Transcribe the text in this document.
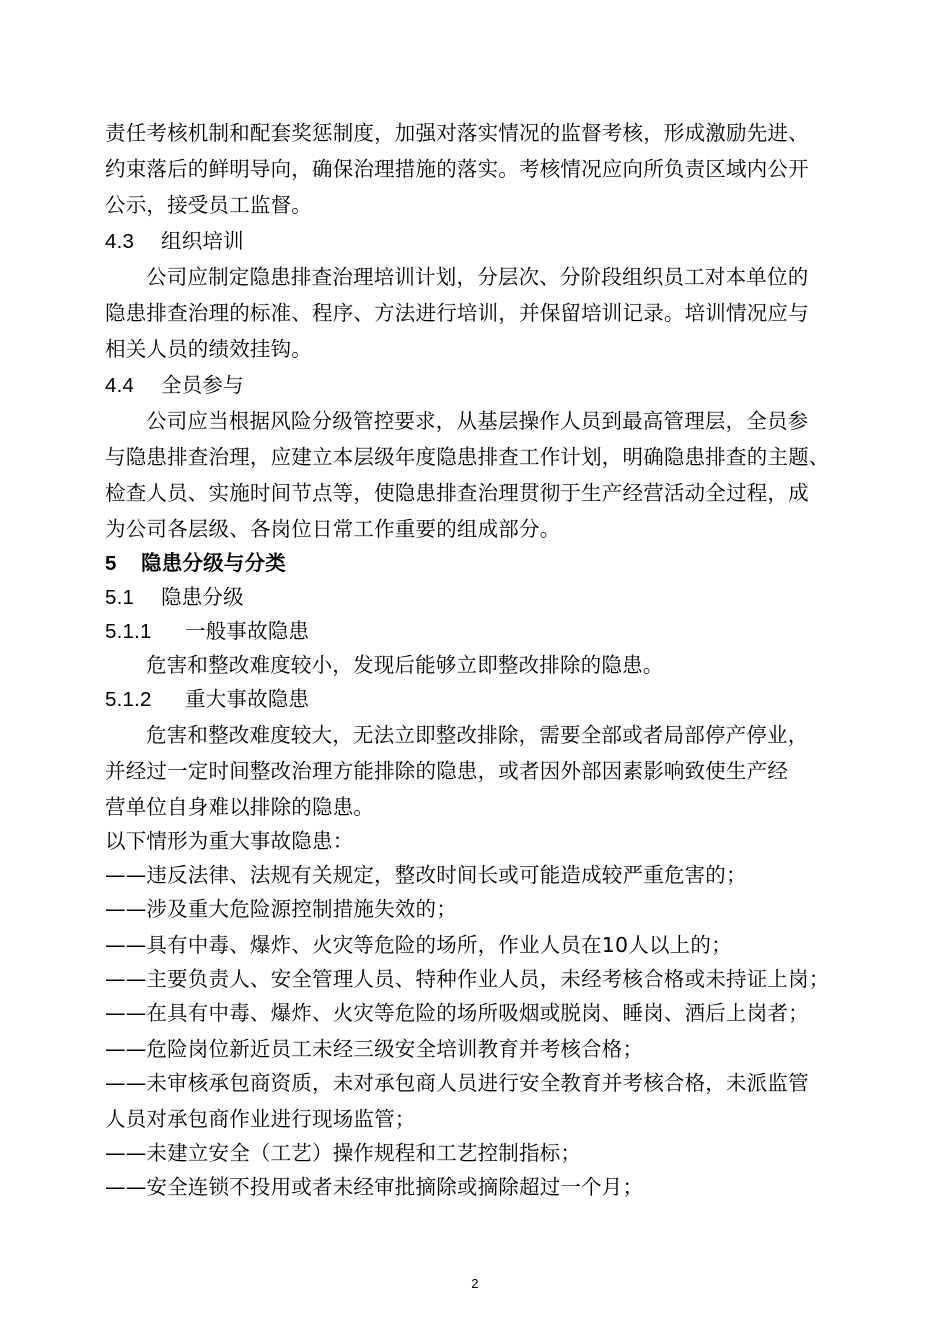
责任考核机制和配套奖惩制度，加强对落实情况的监督考核，形成激励先进、
约束落后的鲜明导向，确保治理措施的落实。考核情况应向所负责区域内公开
公示，接受员工监督。
4.3 组织培训
公司应制定隐患排查治理培训计划，分层次、分阶段组织员工对本单位的
隐患排查治理的标准、程序、方法进行培训，并保留培训记录。培训情况应与
相关人员的绩效挂钩。
4.4 全员参与
公司应当根据风险分级管控要求，从基层操作人员到最高管理层，全员参
与隐患排查治理，应建立本层级年度隐患排查工作计划，明确隐患排查的主题、
检查人员、实施时间节点等，使隐患排查治理贯彻于生产经营活动全过程，成
为公司各层级、各岗位日常工作重要的组成部分。
5 隐患分级与分类
5.1 隐患分级
5.1.1 一般事故隐患
危害和整改难度较小，发现后能够立即整改排除的隐患。
5.1.2 重大事故隐患
危害和整改难度较大，无法立即整改排除，需要全部或者局部停产停业，
并经过一定时间整改治理方能排除的隐患，或者因外部因素影响致使生产经
营单位自身难以排除的隐患。
以下情形为重大事故隐患：
——违反法律、法规有关规定，整改时间长或可能造成较严重危害的；
——涉及重大危险源控制措施失效的；
——具有中毒、爆炸、火灾等危险的场所，作业人员在10人以上的；
——主要负责人、安全管理人员、特种作业人员，未经考核合格或未持证上岗；
——在具有中毒、爆炸、火灾等危险的场所吸烟或脱岗、睡岗、酒后上岗者；
——危险岗位新近员工未经三级安全培训教育并考核合格；
——未审核承包商资质，未对承包商人员进行安全教育并考核合格，未派监管
人员对承包商作业进行现场监管；
——未建立安全（工艺）操作规程和工艺控制指标；
——安全连锁不投用或者未经审批摘除或摘除超过一个月；
2
